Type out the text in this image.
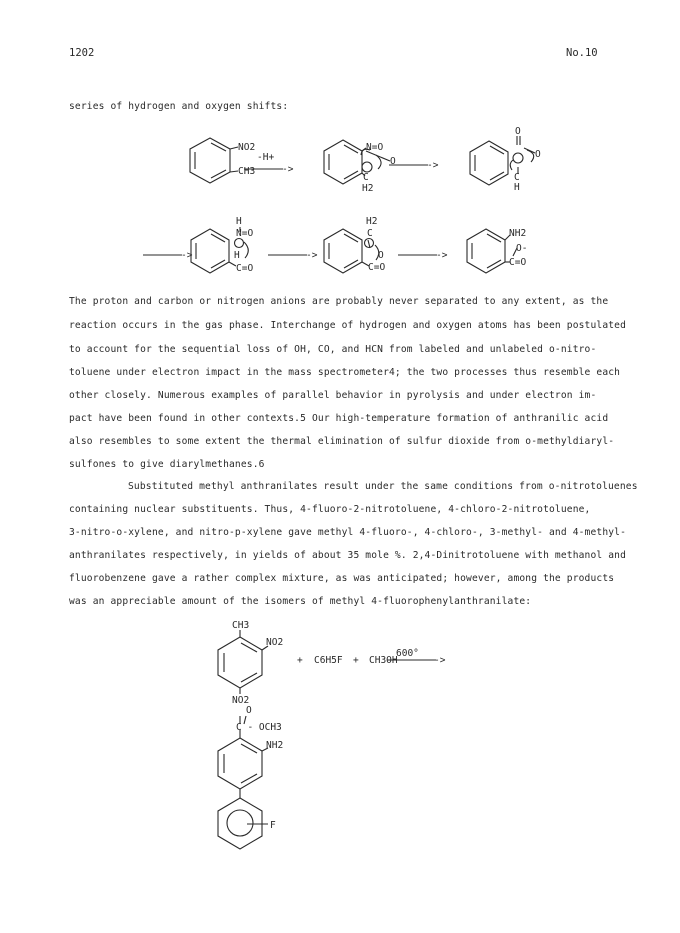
1202	No.10
series of hydrogen and oxygen shifts:
NO2
CH3
-H+
->
N=O
O
C
H2
->
O
O
C
H
H
N=O
H
C=O
->	->
H2
C
O
C=O
->
NH2
O-
C=O
CH3
NO2
NO2
+ C6H5F + CH3OH
600°
->
O
C - OCH3
NH2
F
The proton and carbon or nitrogen anions are probably never separated to any extent, as the
reaction occurs in the gas phase. Interchange of hydrogen and oxygen atoms has been postulated
to account for the sequential loss of OH, CO, and HCN from labeled and unlabeled o-nitro-
toluene under electron impact in the mass spectrometer4; the two processes thus resemble each
other closely. Numerous examples of parallel behavior in pyrolysis and under electron im-
pact have been found in other contexts.5 Our high-temperature formation of anthranilic acid
also resembles to some extent the thermal elimination of sulfur dioxide from o-methyldiaryl-
sulfones to give diarylmethanes.6
Substituted methyl anthranilates result under the same conditions from o-nitrotoluenes
containing nuclear substituents. Thus, 4-fluoro-2-nitrotoluene, 4-chloro-2-nitrotoluene,
3-nitro-o-xylene, and nitro-p-xylene gave methyl 4-fluoro-, 4-chloro-, 3-methyl- and 4-methyl-
anthranilates respectively, in yields of about 35 mole %. 2,4-Dinitrotoluene with methanol and
fluorobenzene gave a rather complex mixture, as was anticipated; however, among the products
was an appreciable amount of the isomers of methyl 4-fluorophenylanthranilate:
